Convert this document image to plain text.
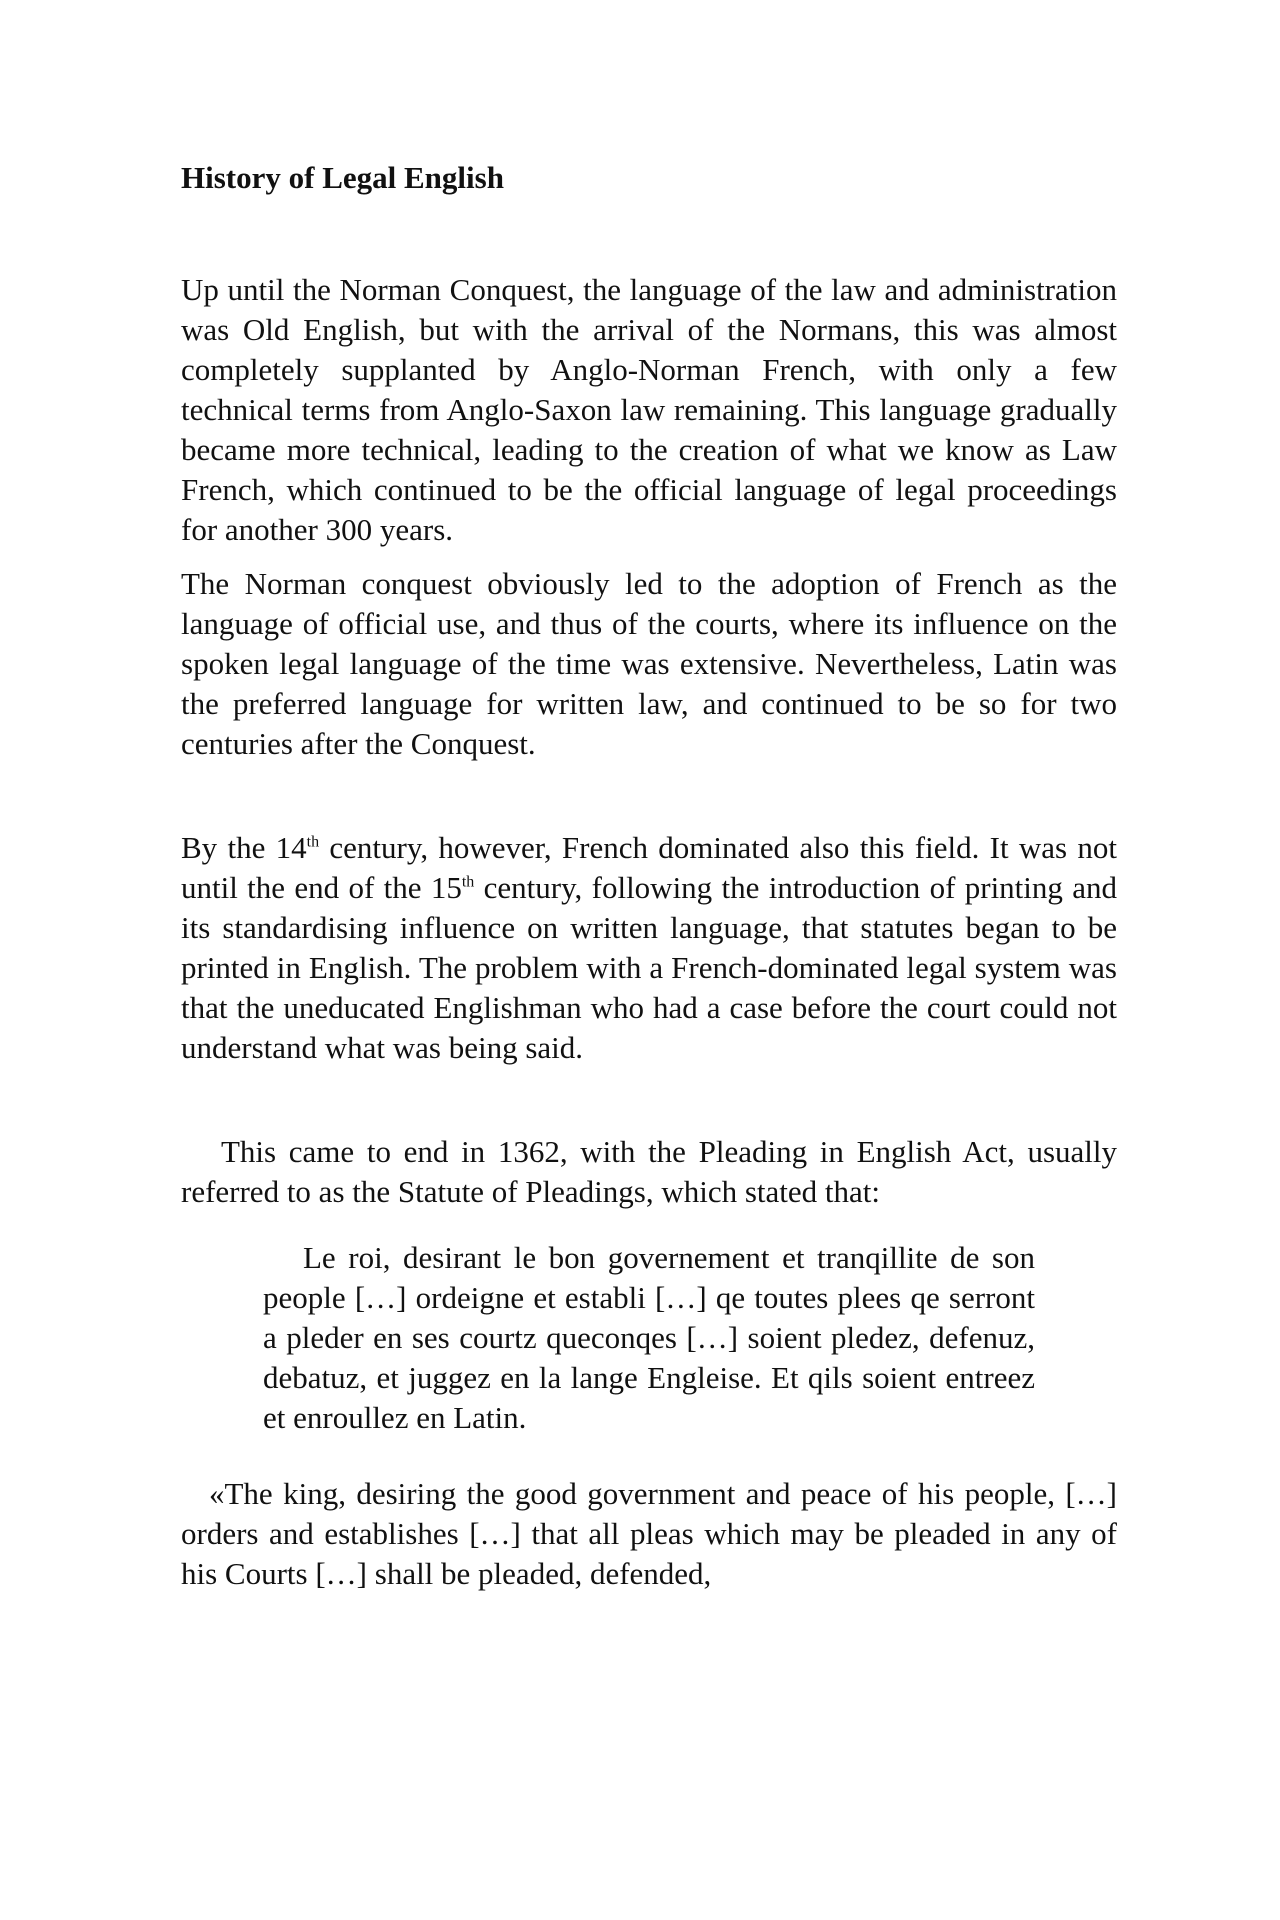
History of Legal English

Up until the Norman Conquest, the language of the law and administration was Old English, but with the arrival of the Normans, this was almost completely supplanted by Anglo-Norman French, with only a few technical terms from Anglo-Saxon law remaining. This language gradually became more technical, leading to the creation of what we know as Law French, which continued to be the official language of legal proceedings for another 300 years.

The Norman conquest obviously led to the adoption of French as the language of official use, and thus of the courts, where its influence on the spoken legal language of the time was extensive. Nevertheless, Latin was the preferred language for written law, and continued to be so for two centuries after the Conquest.

By the 14th century, however, French dominated also this field. It was not until the end of the 15th century, following the introduction of printing and its standardising influence on written language, that statutes began to be printed in English. The problem with a French-dominated legal system was that the uneducated Englishman who had a case before the court could not understand what was being said.

This came to end in 1362, with the Pleading in English Act, usually referred to as the Statute of Pleadings, which stated that:

Le roi, desirant le bon governement et tranqillite de son people […] ordeigne et establi […] qe toutes plees qe serront a pleder en ses courtz queconqes […] soient pledez, defenuz, debatuz, et juggez en la lange Engleise. Et qils soient entreez et enroullez en Latin.

«The king, desiring the good government and peace of his people, […] orders and establishes […] that all pleas which may be pleaded in any of his Courts […] shall be pleaded, defended,
